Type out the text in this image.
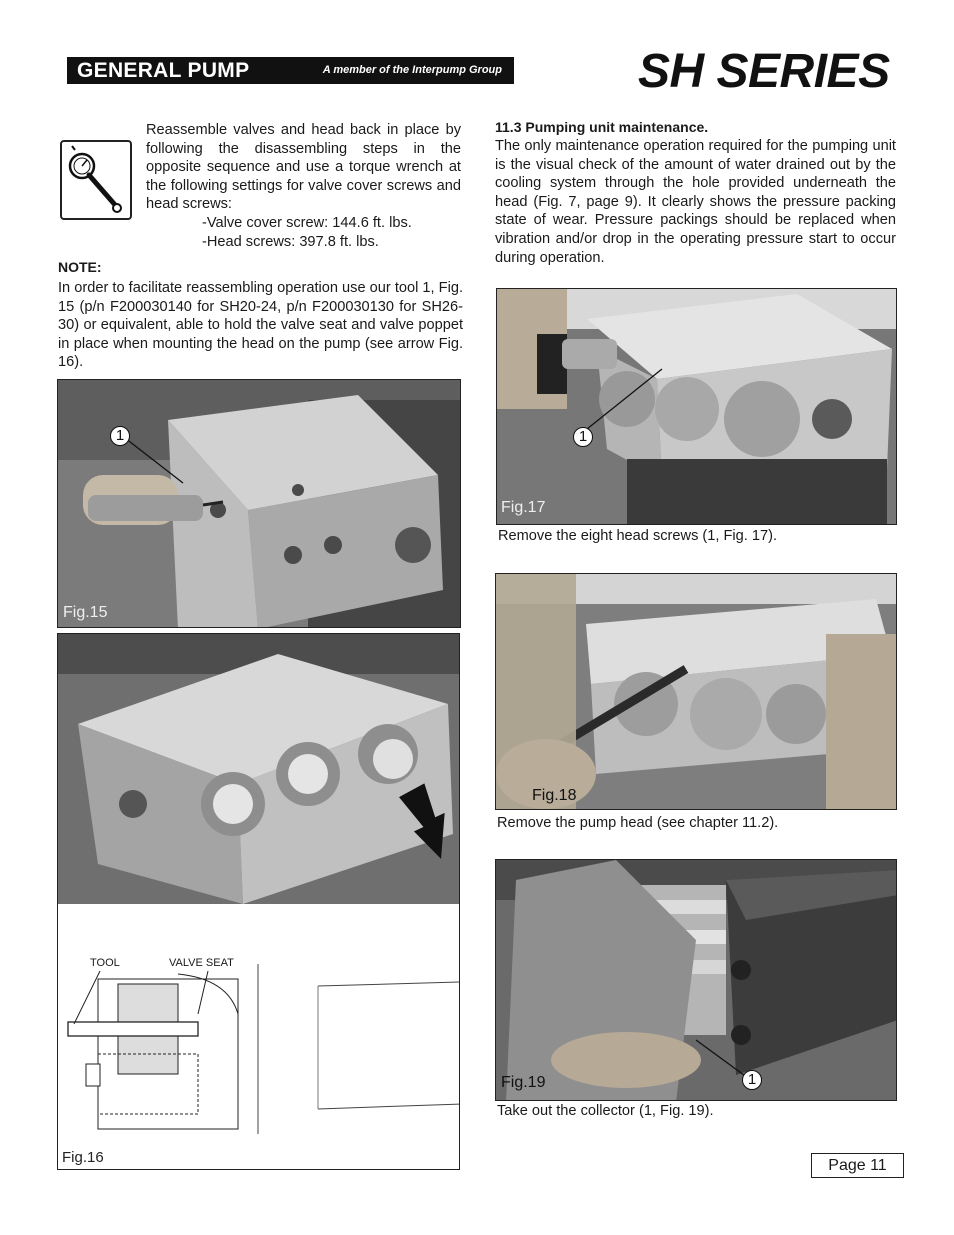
GENERAL PUMP	A member of the Interpump Group	SH SERIES

Reassemble valves and head back in place by following the disassembling steps in the opposite sequence and use a torque wrench at the following settings for valve cover screws and head screws:

-Valve cover screw: 144.6 ft. lbs.
-Head screws: 397.8 ft. lbs.
NOTE:

In order to facilitate reassembling operation use our tool 1, Fig. 15 (p/n F200030140 for SH20-24, p/n F200030130 for SH26-30) or equivalent, able to hold the valve seat and valve poppet in place when mounting the head on the pump (see arrow Fig. 16).

11.3 Pumping unit maintenance.

The only maintenance operation required for the pumping unit is the visual check of the amount of water drained out by the cooling system through the hole provided underneath the head (Fig. 7, page 9). It clearly shows the pressure packing state of wear. Pressure packings should be replaced when vibration and/or drop in the operating pressure start to occur during operation.

1
Fig.15
TOOL	VALVE SEAT
Fig.16
1
Fig.17
Remove the eight head screws (1, Fig. 17).
Fig.18
Remove the pump head (see chapter 11.2).
1
Fig.19
Take out the collector (1, Fig. 19).
Page 11
